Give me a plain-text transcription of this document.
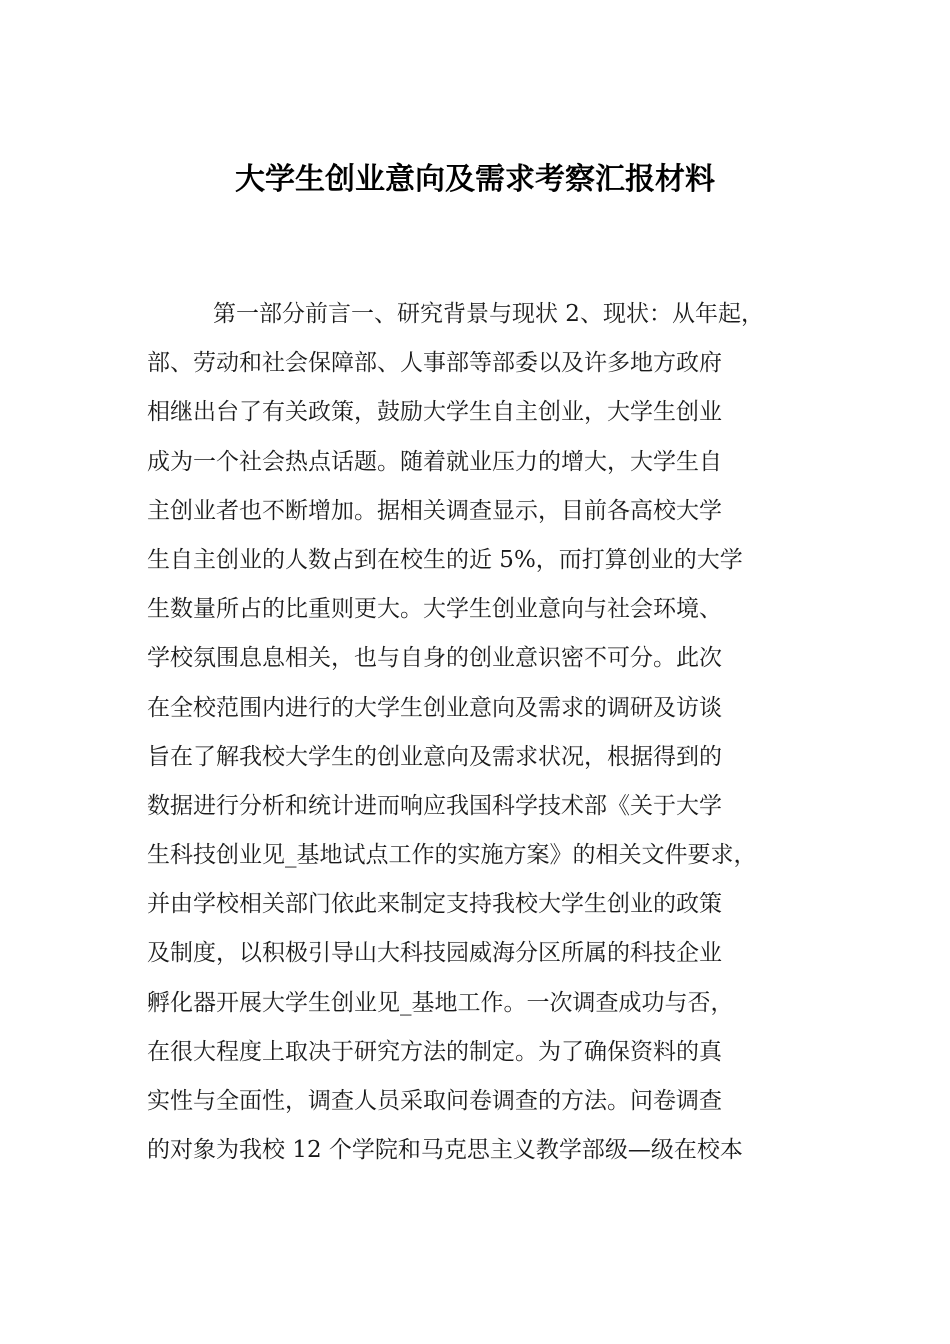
大学生创业意向及需求考察汇报材料
第一部分前言一、研究背景与现状 2、现状：从年起，
部、劳动和社会保障部、人事部等部委以及许多地方政府
相继出台了有关政策，鼓励大学生自主创业，大学生创业
成为一个社会热点话题。随着就业压力的增大，大学生自
主创业者也不断增加。据相关调查显示，目前各高校大学
生自主创业的人数占到在校生的近 5%，而打算创业的大学
生数量所占的比重则更大。大学生创业意向与社会环境、
学校氛围息息相关，也与自身的创业意识密不可分。此次
在全校范围内进行的大学生创业意向及需求的调研及访谈
旨在了解我校大学生的创业意向及需求状况，根据得到的
数据进行分析和统计进而响应我国科学技术部《关于大学
生科技创业见_基地试点工作的实施方案》的相关文件要求，
并由学校相关部门依此来制定支持我校大学生创业的政策
及制度，以积极引导山大科技园威海分区所属的科技企业
孵化器开展大学生创业见_基地工作。一次调查成功与否，
在很大程度上取决于研究方法的制定。为了确保资料的真
实性与全面性，调查人员采取问卷调查的方法。问卷调查
的对象为我校 12 个学院和马克思主义教学部级—级在校本
